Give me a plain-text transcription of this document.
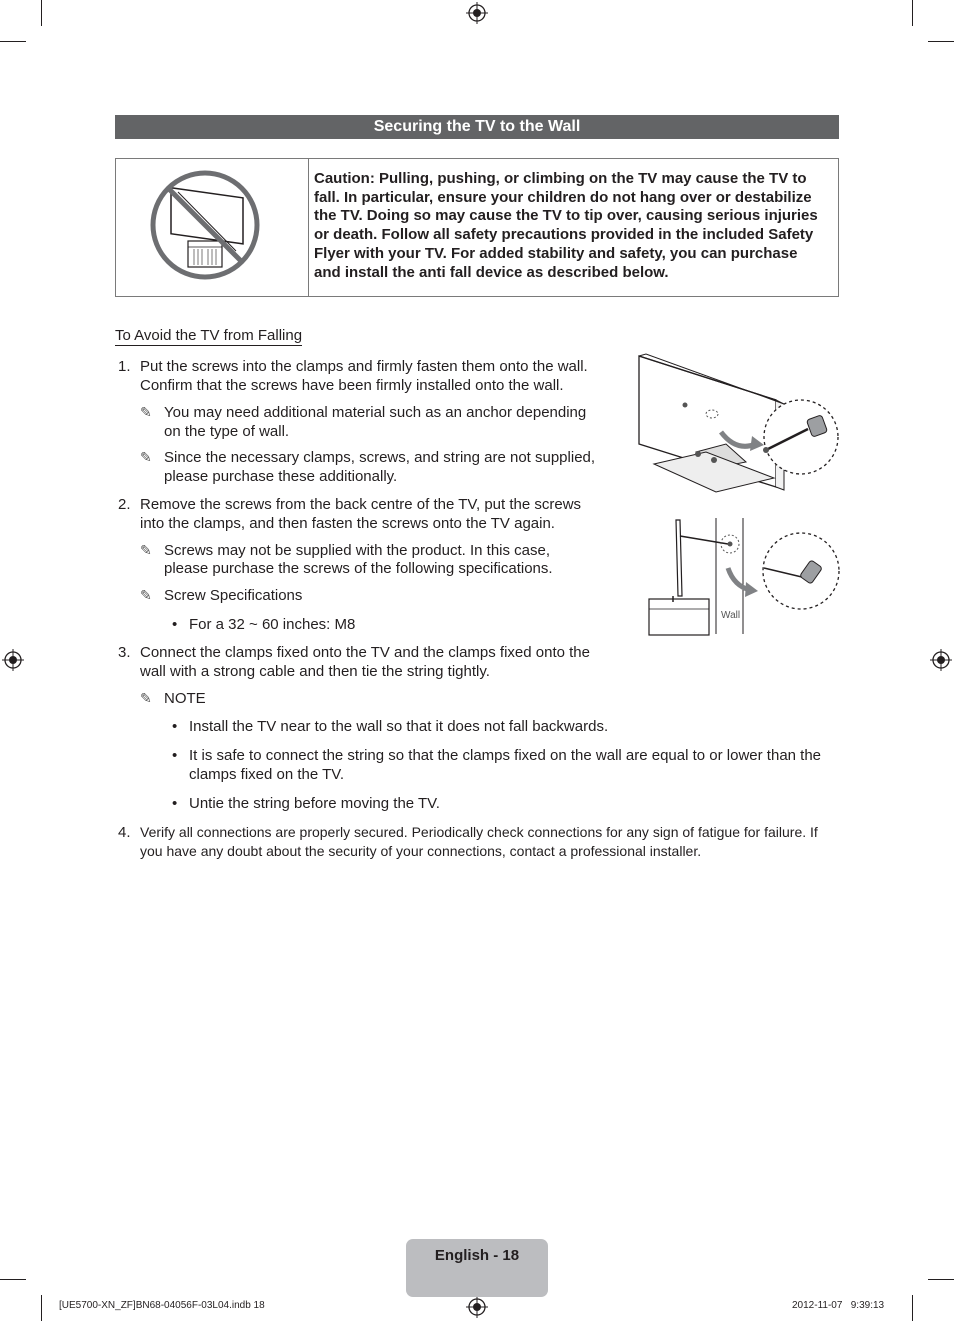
Securing the TV to the Wall
Caution: Pulling, pushing, or climbing on the TV may cause the TV to
fall. In particular, ensure your children do not hang over or destabilize
the TV. Doing so may cause the TV to tip over, causing serious injuries
or death. Follow all safety precautions provided in the included Safety
Flyer with your TV. For added stability and safety, you can purchase
and install the anti fall device as described below.
To Avoid the TV from Falling
1. Put the screws into the clamps and firmly fasten them onto the wall.
Confirm that the screws have been firmly installed onto the wall.
✎ You may need additional material such as an anchor depending
on the type of wall.
✎ Since the necessary clamps, screws, and string are not supplied,
please purchase these additionally.
2. Remove the screws from the back centre of the TV, put the screws
into the clamps, and then fasten the screws onto the TV again.
✎ Screws may not be supplied with the product. In this case,
please purchase the screws of the following specifications.
✎ Screw Specifications
• For a 32 ~ 60 inches: M8
3. Connect the clamps fixed onto the TV and the clamps fixed onto the
wall with a strong cable and then tie the string tightly.
✎ NOTE
• Install the TV near to the wall so that it does not fall backwards.
• It is safe to connect the string so that the clamps fixed on the wall are equal to or lower than the
clamps fixed on the TV.
• Untie the string before moving the TV.
4. Verify all connections are properly secured. Periodically check connections for any sign of fatigue for failure. If
you have any doubt about the security of your connections, contact a professional installer.
Wall
English - 18
[UE5700-XN_ZF]BN68-04056F-03L04.indb 18	2012-11-07   9:39:13
